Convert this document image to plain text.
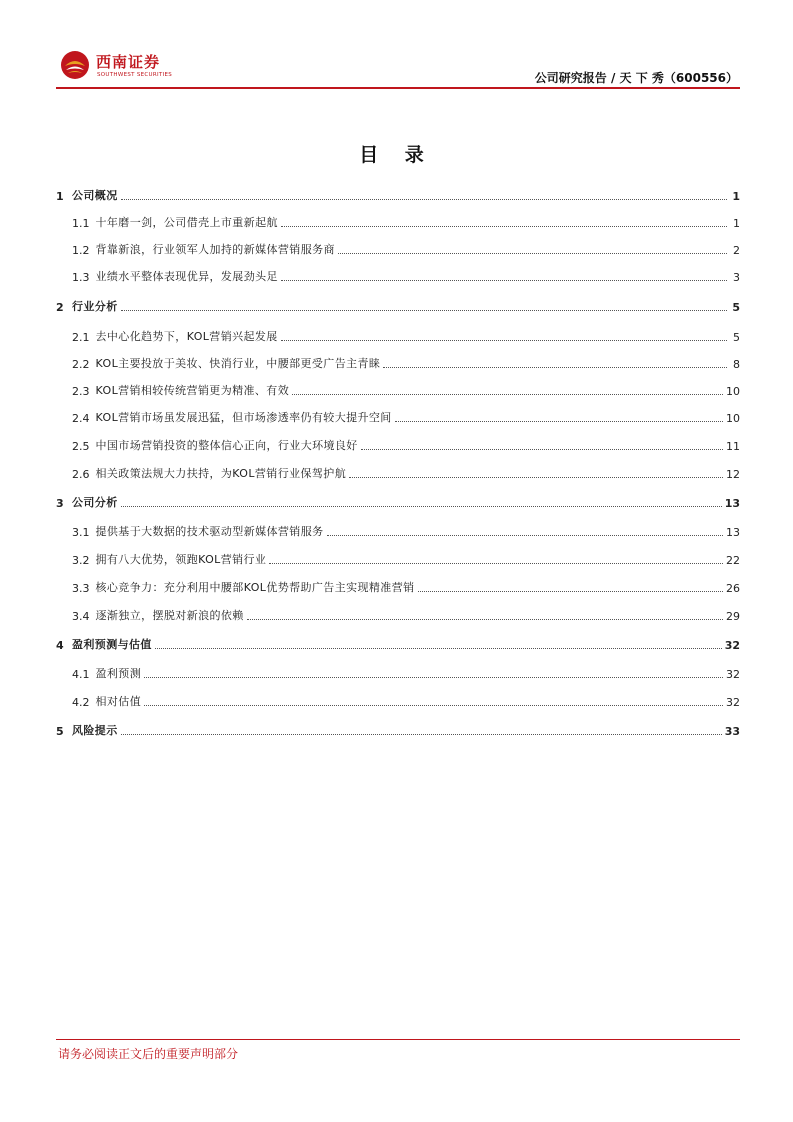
西南证券
SOUTHWEST SECURITIES	公司研究报告 / 天 下 秀（600556）
目 录
1 公司概况	1
1.1 十年磨一剑，公司借壳上市重新起航	1
1.2 背靠新浪，行业领军人加持的新媒体营销服务商	2
1.3 业绩水平整体表现优异，发展劲头足	3
2 行业分析	5
2.1 去中心化趋势下，KOL营销兴起发展	5
2.2 KOL主要投放于美妆、快消行业，中腰部更受广告主青睐	8
2.3 KOL营销相较传统营销更为精准、有效	10
2.4 KOL营销市场虽发展迅猛，但市场渗透率仍有较大提升空间	10
2.5 中国市场营销投资的整体信心正向，行业大环境良好	11
2.6 相关政策法规大力扶持，为KOL营销行业保驾护航	12
3 公司分析	13
3.1 提供基于大数据的技术驱动型新媒体营销服务	13
3.2 拥有八大优势，领跑KOL营销行业	22
3.3 核心竞争力：充分利用中腰部KOL优势帮助广告主实现精准营销	26
3.4 逐渐独立，摆脱对新浪的依赖	29
4 盈利预测与估值	32
4.1 盈利预测	32
4.2 相对估值	32
5 风险提示	33
请务必阅读正文后的重要声明部分
